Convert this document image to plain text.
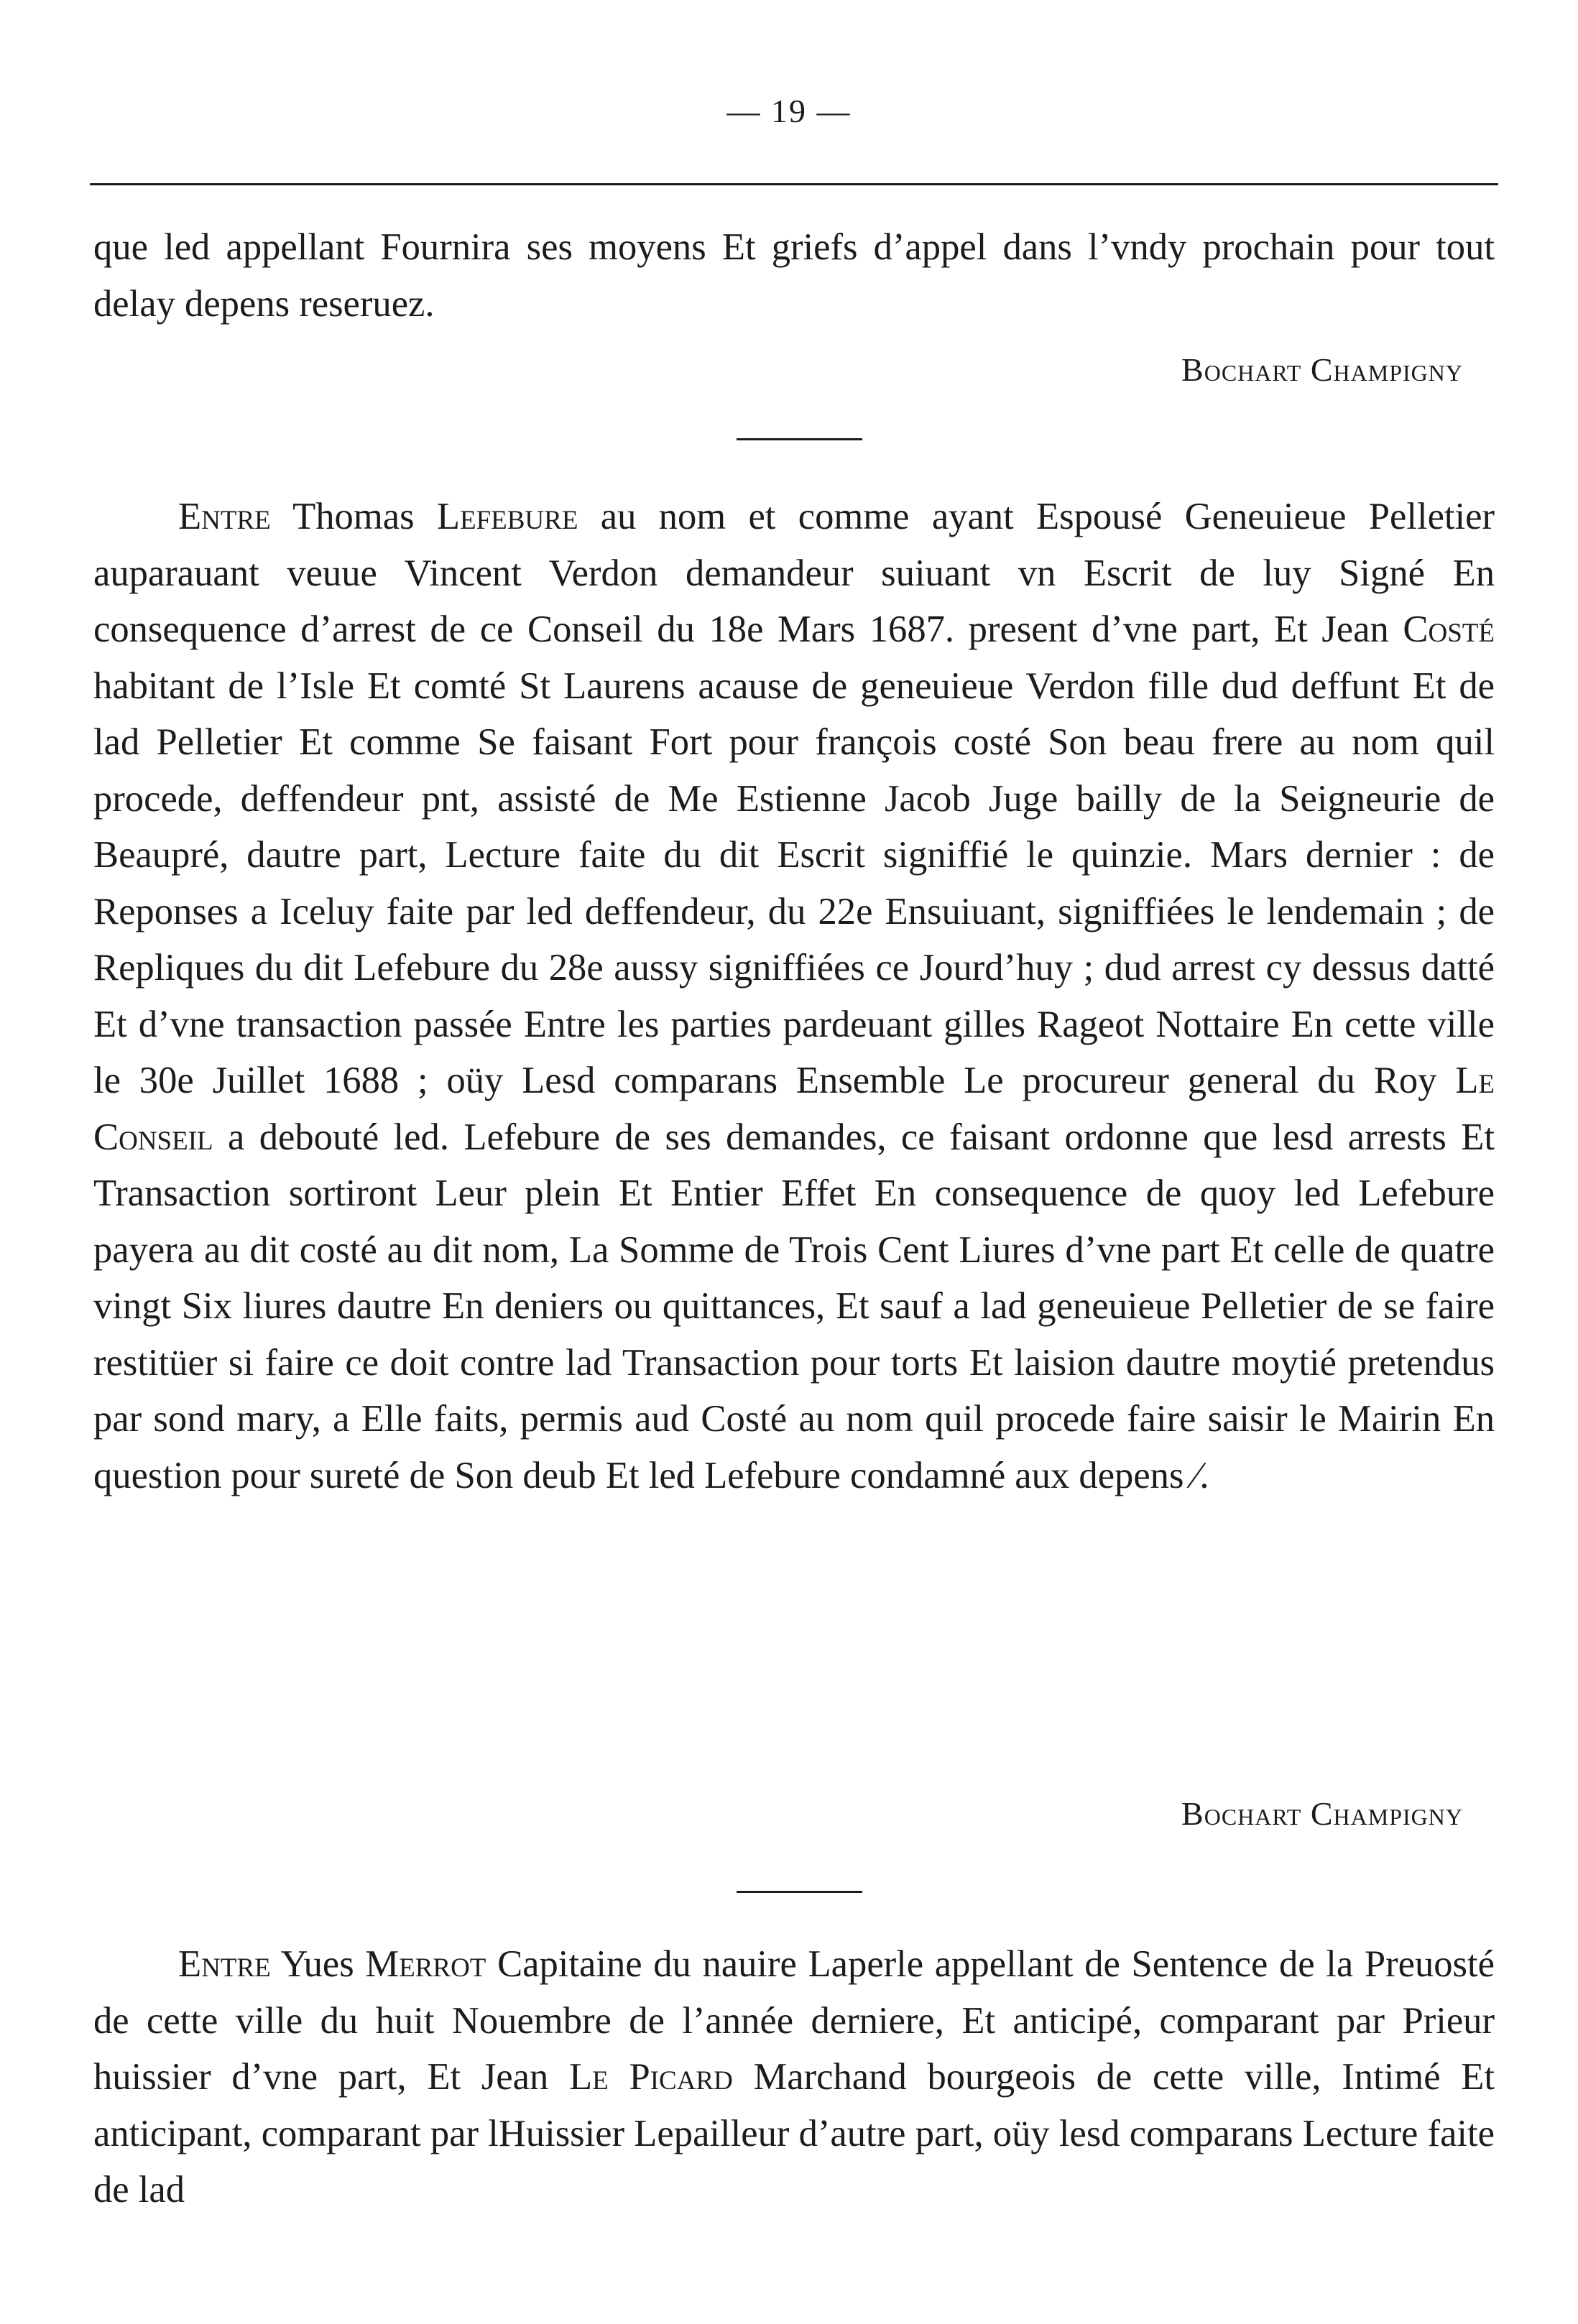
— 19 —

que led appellant Fournira ses moyens Et griefs d’appel dans l’vndy prochain pour tout delay depens reseruez.

Bochart Champigny

Entre Thomas Lefebure au nom et comme ayant Espousé Geneuieue Pelletier auparauant veuue Vincent Verdon demandeur suiuant vn Escrit de luy Signé En consequence d’arrest de ce Conseil du 18e Mars 1687. present d’vne part, Et Jean Costé habitant de l’Isle Et comté St Laurens acause de geneuieue Verdon fille dud deffunt Et de lad Pelletier Et comme Se faisant Fort pour françois costé Son beau frere au nom quil procede, deffendeur pnt, assisté de Me Estienne Jacob Juge bailly de la Seigneurie de Beaupré, dautre part, Lecture faite du dit Escrit signiffié le quinzie. Mars dernier : de Reponses a Iceluy faite par led deffendeur, du 22e Ensuiuant, signiffiées le lendemain ; de Repliques du dit Lefebure du 28e aussy signiffiées ce Jourd’huy ; dud arrest cy dessus datté Et d’vne transaction passée Entre les parties pardeuant gilles Rageot Nottaire En cette ville le 30e Juillet 1688 ; oüy Lesd comparans Ensemble Le procureur general du Roy Le Conseil a debouté led. Lefebure de ses demandes, ce faisant ordonne que lesd arrests Et Transaction sortiront Leur plein Et Entier Effet En consequence de quoy led Lefebure payera au dit costé au dit nom, La Somme de Trois Cent Liures d’vne part Et celle de quatre vingt Six liures dautre En deniers ou quittances, Et sauf a lad geneuieue Pelletier de se faire restitüer si faire ce doit contre lad Transaction pour torts Et laision dautre moytié pretendus par sond mary, a Elle faits, permis aud Costé au nom quil procede faire saisir le Mairin En question pour sureté de Son deub Et led Lefebure condamné aux depens ⁄.

Bochart Champigny

Entre Yues Merrot Capitaine du nauire Laperle appellant de Sentence de la Preuosté de cette ville du huit Nouembre de l’année derniere, Et anticipé, comparant par Prieur huissier d’vne part, Et Jean Le Picard Marchand bourgeois de cette ville, Intimé Et anticipant, comparant par lHuissier Lepailleur d’autre part, oüy lesd comparans Lecture faite de lad
